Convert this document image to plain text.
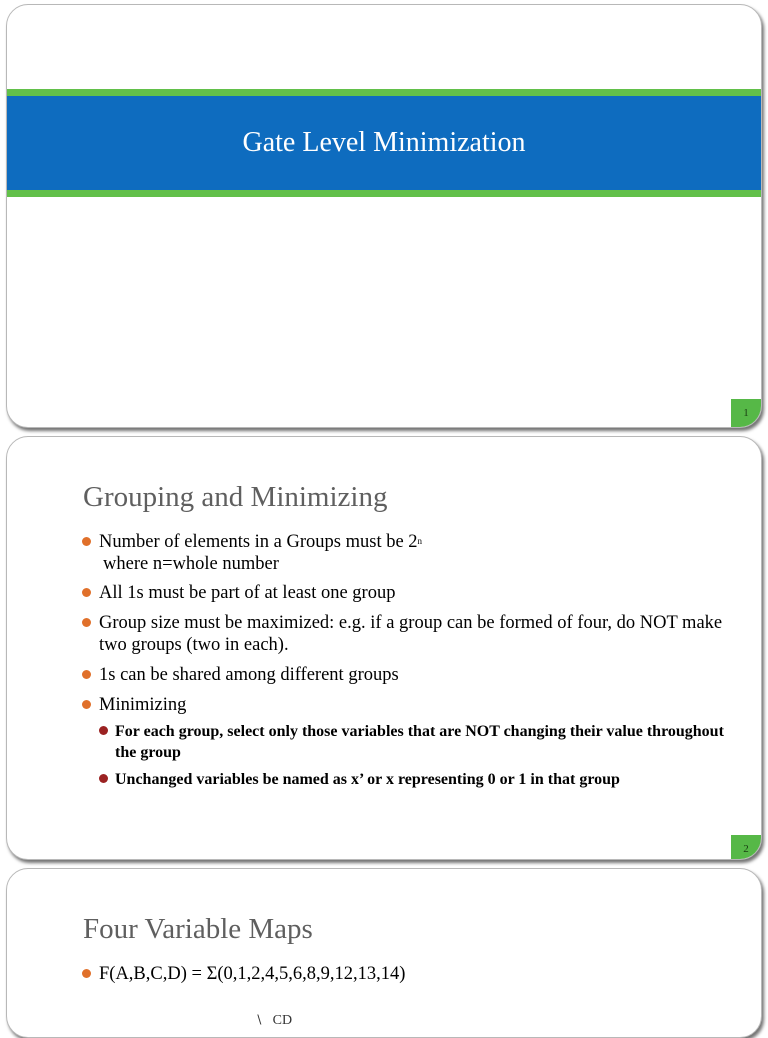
Gate Level Minimization
1
Grouping and Minimizing
Number of elements in a Groups must be 2$^n$
where n=whole number
All 1s must be part of at least one group
Group size must be maximized: e.g. if a group can be formed of four, do NOT make two groups (two in each).
1s can be shared among different groups
Minimizing
For each group, select only those variables that are NOT changing their value throughout the group
Unchanged variables be named as x’ or x representing 0 or 1 in that group
2
Four Variable Maps
F(A,B,C,D) = Σ(0,1,2,4,5,6,8,9,12,13,14)
∖ CD
